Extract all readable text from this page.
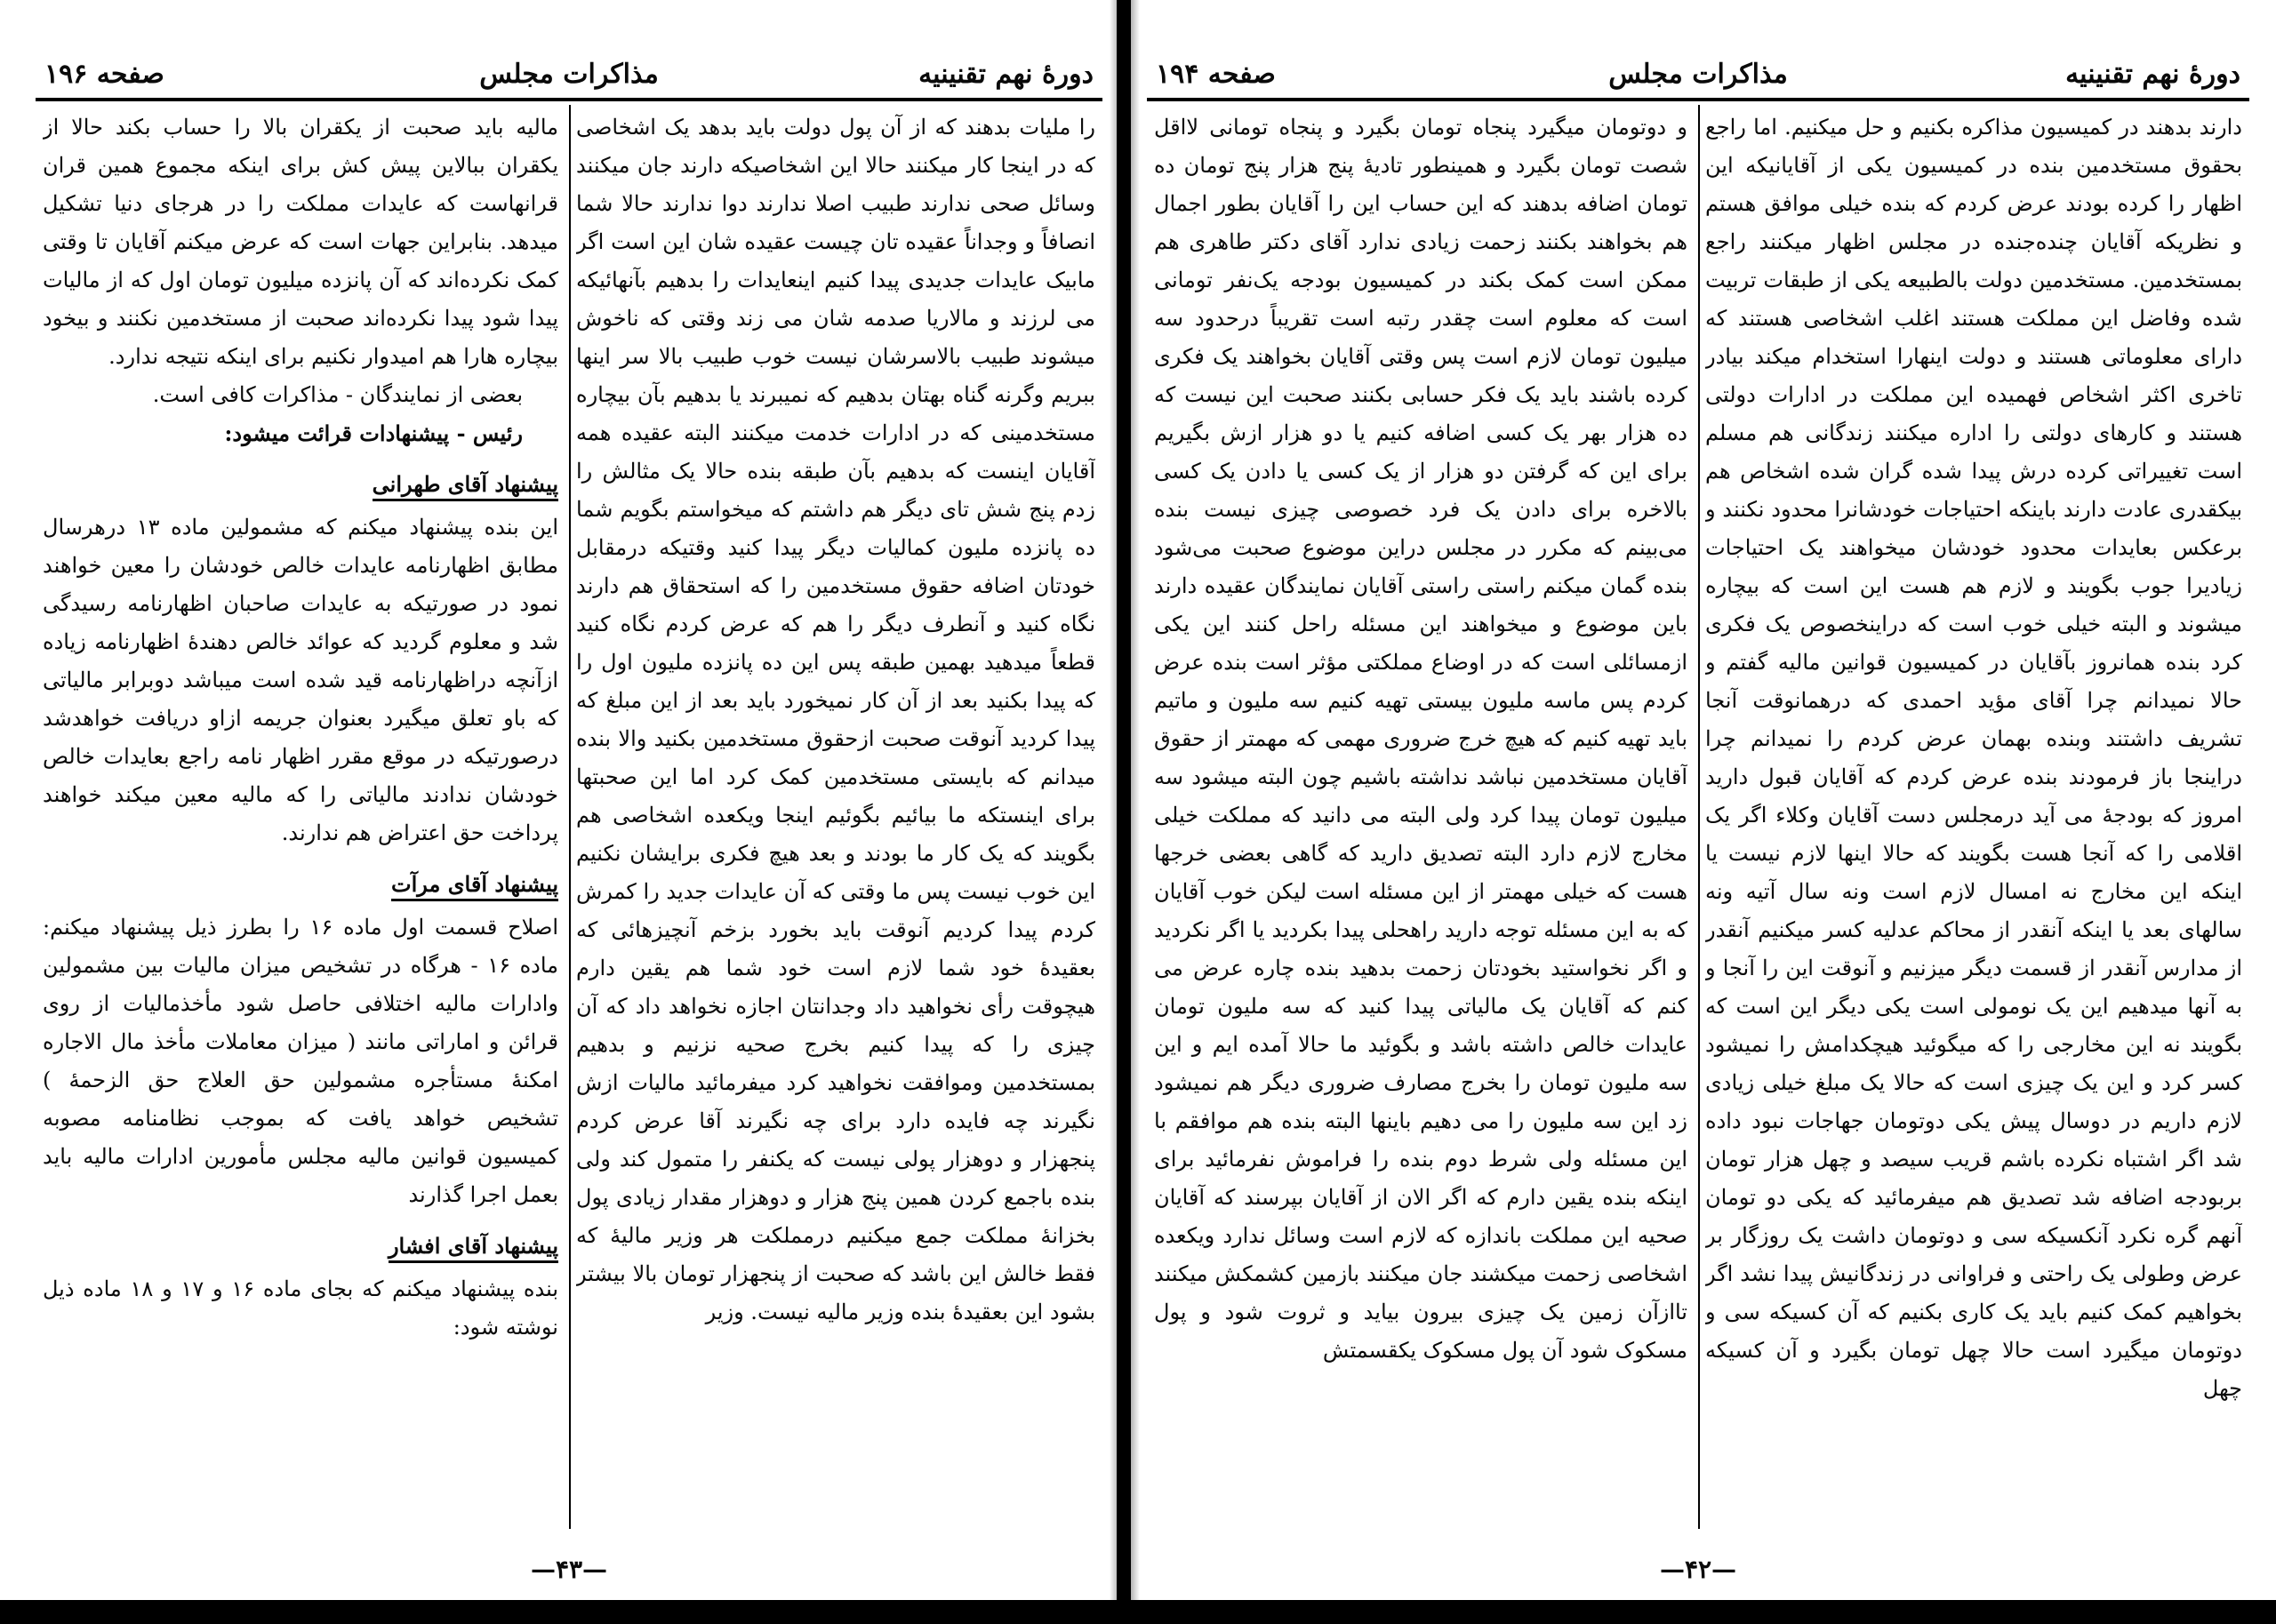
دورهٔ نهم تقنینیه
مذاکرات مجلس
صفحه ۱۹۶

را ملیات بدهند که از آن پول دولت باید بدهد یک اشخاصی که در اینجا کار میکنند حالا این اشخاصیکه دارند جان میکنند وسائل صحی ندارند طبیب اصلا ندارند دوا ندارند حالا شما انصافاً و وجداناً عقیده تان چیست عقیده شان این است اگر مابیک عایدات جدیدی پیدا کنیم اینعایدات را بدهیم بآنهائیکه می لرزند و مالاریا صدمه شان می زند وقتی که ناخوش میشوند طبیب بالاسرشان نیست خوب طبیب بالا سر اینها ببریم وگرنه گناه بهتان بدهیم که نمیبرند یا بدهیم بآن بیچاره مستخدمینی که در ادارات خدمت میکنند البته عقیده همه آقایان اینست که بدهیم بآن طبقه بنده حالا یک مثالش را زدم پنج شش تای دیگر هم داشتم که میخواستم بگویم شما ده پانزده ملیون کمالیات دیگر پیدا کنید وقتیکه درمقابل خودتان اضافه حقوق مستخدمین را که استحقاق هم دارند نگاه کنید و آنطرف دیگر را هم که عرض کردم نگاه کنید قطعاً میدهید بهمین طبقه پس این ده پانزده ملیون اول را که پیدا بکنید بعد از آن کار نمیخورد باید بعد از این مبلغ که پیدا کردید آنوقت صحبت ازحقوق مستخدمین بکنید والا بنده میدانم که بایستی مستخدمین کمک کرد اما این صحبتها برای اینستکه ما بیائیم بگوئیم اینجا ویکعده اشخاصی هم بگویند که یک کار ما بودند و بعد هیچ فکری برایشان نکنیم این خوب نیست پس ما وقتی که آن عایدات جدید را کمرش کردم پیدا کردیم آنوقت باید بخورد بزخم آنچیزهائی که بعقیدهٔ خود شما لازم است خود شما هم یقین دارم هیچوقت رأی نخواهید داد وجدانتان اجازه نخواهد داد که آن چیزی را که پیدا کنیم بخرج صحیه نزنیم و بدهیم بمستخدمین وموافقت نخواهید کرد میفرمائید مالیات ازش نگیرند چه فایده دارد برای چه نگیرند آقا عرض کردم پنجهزار و دوهزار پولی نیست که یکنفر را متمول کند ولی بنده باجمع کردن همین پنج هزار و دوهزار مقدار زیادی پول بخزانهٔ مملکت جمع میکنیم درمملکت هر وزیر مالیهٔ که فقط خالش این باشد که صحبت از پنجهزار تومان بالا بیشتر بشود این بعقیدهٔ بنده وزیر مالیه نیست. وزیر

مالیه باید صحبت از یکقران بالا را حساب بکند حالا از یکقران ببالاین پیش کش برای اینکه مجموع همین قران قرانهاست که عایدات مملکت را در هرجای دنیا تشکیل میدهد. بنابراین جهات است که عرض میکنم آقایان تا وقتی کمک نکرده‌اند که آن پانزده میلیون تومان اول که از مالیات پیدا شود پیدا نکرده‌اند صحبت از مستخدمین نکنند و بیخود بیچاره هارا هم امیدوار نکنیم برای اینکه نتیجه ندارد.

بعضی از نمایندگان - مذاکرات کافی است.

رئیس - پیشنهادات قرائت میشود:

پیشنهاد آقای طهرانی

این بنده پیشنهاد میکنم که مشمولین ماده ۱۳ درهرسال مطابق اظهارنامه عایدات خالص خودشان را معین خواهند نمود در صورتیکه به عایدات صاحبان اظهارنامه رسیدگی شد و معلوم گردید که عوائد خالص دهندهٔ اظهارنامه زیاده ازآنچه دراظهارنامه قید شده است میباشد دوبرابر مالیاتی که باو تعلق میگیرد بعنوان جریمه ازاو دریافت خواهدشد درصورتیکه در موقع مقرر اظهار نامه راجع بعایدات خالص خودشان ندادند مالیاتی را که مالیه معین میکند خواهند پرداخت حق اعتراض هم ندارند.

پیشنهاد آقای مرآت

اصلاح قسمت اول ماده ۱۶ را بطرز ذیل پیشنهاد میکنم: ماده ۱۶ - هرگاه در تشخیص میزان مالیات بین مشمولین وادارات مالیه اختلافی حاصل شود مأخذمالیات از روی قرائن و اماراتی مانند ( میزان معاملات مأخذ مال الاجاره امکنهٔ مستأجره مشمولین حق العلاج حق الزحمهٔ ) تشخیص خواهد یافت که بموجب نظامنامه مصوبه کمیسیون قوانین مالیه مجلس مأمورین ادارات مالیه باید بعمل اجرا گذارند

پیشنهاد آقای افشار

بنده پیشنهاد میکنم که بجای ماده ۱۶ و ۱۷ و ۱۸ ماده ذیل نوشته شود:

—۴۳—
دورهٔ نهم تقنینیه
مذاکرات مجلس
صفحه ۱۹۴

دارند بدهند در کمیسیون مذاکره بکنیم و حل میکنیم. اما راجع بحقوق مستخدمین بنده در کمیسیون یکی از آقایانیکه این اظهار را کرده بودند عرض کردم که بنده خیلی موافق هستم و نظریکه آقایان چنده‌جنده در مجلس اظهار میکنند راجع بمستخدمین. مستخدمین دولت بالطبیعه یکی از طبقات تربیت شده وفاضل این مملکت هستند اغلب اشخاصی هستند که دارای معلوماتی هستند و دولت اینهارا استخدام میکند بیادر تاخری اکثر اشخاص فهمیده این مملکت در ادارات دولتی هستند و کارهای دولتی را اداره میکنند زندگانی هم مسلم است تغییراتی کرده درش پیدا شده گران شده اشخاص هم بیکقدری عادت دارند باینکه احتیاجات خودشانرا محدود نکنند و برعکس بعایدات محدود خودشان میخواهند یک احتیاجات زیادیرا جوب بگویند و لازم هم هست این است که بیچاره میشوند و البته خیلی خوب است که دراینخصوص یک فکری کرد بنده همانروز بآقایان در کمیسیون قوانین مالیه گفتم و حالا نمیدانم چرا آقای مؤید احمدی که درهمانوقت آنجا تشریف داشتند وبنده بهمان عرض کردم را نمیدانم چرا دراینجا باز فرمودند بنده عرض کردم که آقایان قبول دارید امروز که بودجهٔ می آید درمجلس دست آقایان وکلاء اگر یک اقلامی را که آنجا هست بگویند که حالا اینها لازم نیست یا اینکه این مخارج نه امسال لازم است ونه سال آتیه ونه سالهای بعد یا اینکه آنقدر از محاکم عدلیه کسر میکنیم آنقدر از مدارس آنقدر از قسمت دیگر میزنیم و آنوقت این را آنجا و به آنها میدهیم این یک نومولی است یکی دیگر این است که بگویند نه این مخارجی را که میگوئید هیچکدامش را نمیشود کسر کرد و این یک چیزی است که حالا یک مبلغ خیلی زیادی لازم داریم در دوسال پیش یکی دوتومان جهاجات نبود داده شد اگر اشتباه نکرده باشم قریب سیصد و چهل هزار تومان بربودجه اضافه شد تصدیق هم میفرمائید که یکی دو تومان آنهم گره نکرد آنکسیکه سی و دوتومان داشت یک روزگار بر عرض وطولی یک راحتی و فراوانی در زندگانیش پیدا نشد اگر بخواهیم کمک کنیم باید یک کاری بکنیم که آن کسیکه سی و دوتومان میگیرد است حالا چهل تومان بگیرد و آن کسیکه چهل

و دوتومان میگیرد پنجاه تومان بگیرد و پنجاه تومانی لااقل شصت تومان بگیرد و همینطور تادیهٔ پنج هزار پنج تومان ده تومان اضافه بدهند که این حساب این را آقایان بطور اجمال هم بخواهند بکنند زحمت زیادی ندارد آقای دکتر طاهری هم ممکن است کمک بکند در کمیسیون بودجه یک‌نفر تومانی است که معلوم است چقدر رتبه است تقریباً درحدود سه میلیون تومان لازم است پس وقتی آقایان بخواهند یک فکری کرده باشند باید یک فکر حسابی بکنند صحبت این نیست که ده هزار بهر یک کسی اضافه کنیم یا دو هزار ازش بگیریم برای این که گرفتن دو هزار از یک کسی یا دادن یک کسی بالاخره برای دادن یک فرد خصوصی چیزی نیست بنده می‌بینم که مکرر در مجلس دراین موضوع صحبت می‌شود بنده گمان میکنم راستی راستی آقایان نمایندگان عقیده دارند باین موضوع و میخواهند این مسئله راحل کنند این یکی ازمسائلی است که در اوضاع مملکتی مؤثر است بنده عرض کردم پس ماسه ملیون بیستی تهیه کنیم سه ملیون و ماتیم باید تهیه کنیم که هیچ خرج ضروری مهمی که مهمتر از حقوق آقایان مستخدمین نباشد نداشته باشیم چون البته میشود سه میلیون تومان پیدا کرد ولی البته می دانید که مملکت خیلی مخارج لازم دارد البته تصدیق دارید که گاهی بعضی خرجها هست که خیلی مهمتر از این مسئله است لیکن خوب آقایان که به این مسئله توجه دارید راهحلی پیدا بکردید یا اگر نکردید و اگر نخواستید بخودتان زحمت بدهید بنده چاره عرض می کنم که آقایان یک مالیاتی پیدا کنید که سه ملیون تومان عایدات خالص داشته باشد و بگوئید ما حالا آمده ایم و این سه ملیون تومان را بخرج مصارف ضروری دیگر هم نمیشود زد این سه ملیون را می دهیم باینها البته بنده هم موافقم با این مسئله ولی شرط دوم بنده را فراموش نفرمائید برای اینکه بنده یقین دارم که اگر الان از آقایان بپرسند که آقایان صحیه این مملکت باندازه که لازم است وسائل ندارد ویکعده اشخاصی زحمت میکشند جان میکنند بازمین کشمکش میکنند تاازآن زمین یک چیزی بیرون بیاید و ثروت شود و پول مسکوک شود آن پول مسکوک یکقسمتش

—۴۲—
